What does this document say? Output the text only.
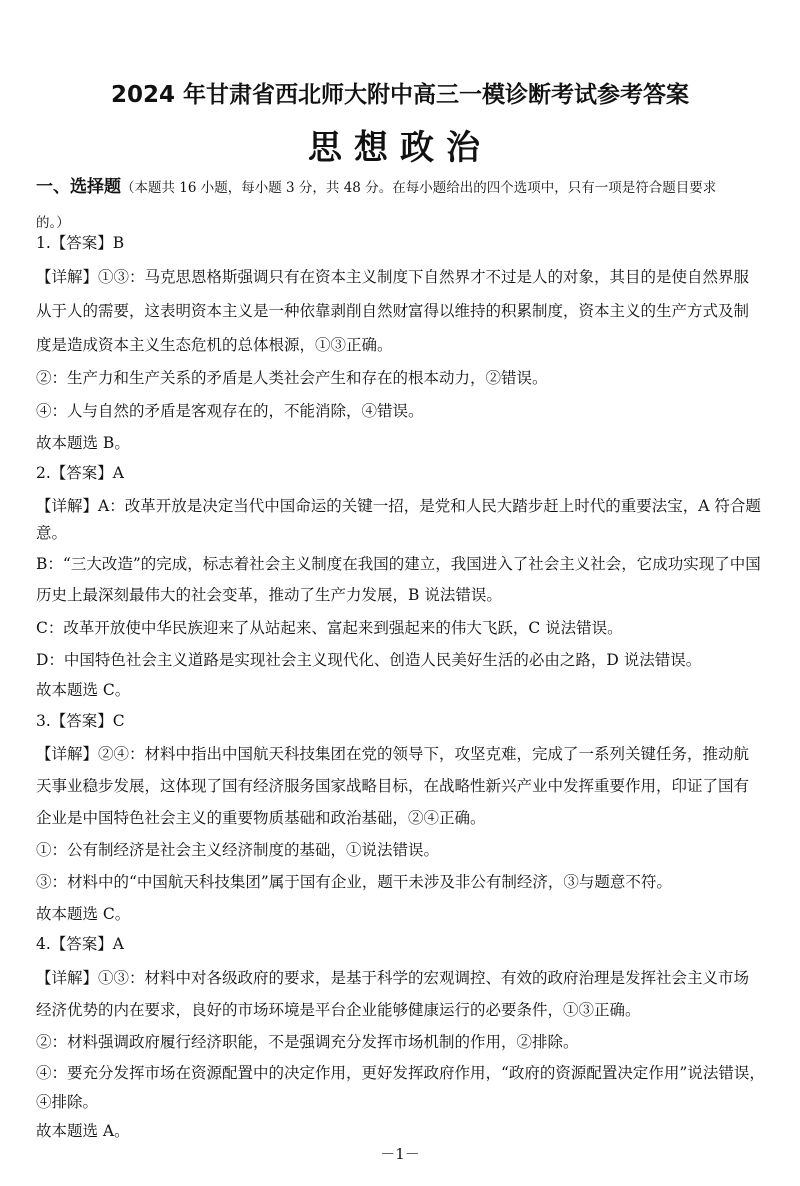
2024 年甘肃省西北师大附中高三一模诊断考试参考答案
思想政治
一、选择题（本题共 16 小题，每小题 3 分，共 48 分。在每小题给出的四个选项中，只有一项是符合题目要求
的。）
1.【答案】B
【详解】①③：马克思恩格斯强调只有在资本主义制度下自然界才不过是人的对象，其目的是使自然界服
从于人的需要，这表明资本主义是一种依靠剥削自然财富得以维持的积累制度，资本主义的生产方式及制
度是造成资本主义生态危机的总体根源，①③正确。
②：生产力和生产关系的矛盾是人类社会产生和存在的根本动力，②错误。
④：人与自然的矛盾是客观存在的，不能消除，④错误。
故本题选 B。
2.【答案】A
【详解】A：改革开放是决定当代中国命运的关键一招，是党和人民大踏步赶上时代的重要法宝，A 符合题
意。
B：“三大改造”的完成，标志着社会主义制度在我国的建立，我国进入了社会主义社会，它成功实现了中国
历史上最深刻最伟大的社会变革，推动了生产力发展，B 说法错误。
C：改革开放使中华民族迎来了从站起来、富起来到强起来的伟大飞跃，C 说法错误。
D：中国特色社会主义道路是实现社会主义现代化、创造人民美好生活的必由之路，D 说法错误。
故本题选 C。
3.【答案】C
【详解】②④：材料中指出中国航天科技集团在党的领导下，攻坚克难，完成了一系列关键任务，推动航
天事业稳步发展，这体现了国有经济服务国家战略目标，在战略性新兴产业中发挥重要作用，印证了国有
企业是中国特色社会主义的重要物质基础和政治基础，②④正确。
①：公有制经济是社会主义经济制度的基础，①说法错误。
③：材料中的“中国航天科技集团”属于国有企业，题干未涉及非公有制经济，③与题意不符。
故本题选 C。
4.【答案】A
【详解】①③：材料中对各级政府的要求，是基于科学的宏观调控、有效的政府治理是发挥社会主义市场
经济优势的内在要求，良好的市场环境是平台企业能够健康运行的必要条件，①③正确。
②：材料强调政府履行经济职能，不是强调充分发挥市场机制的作用，②排除。
④：要充分发挥市场在资源配置中的决定作用，更好发挥政府作用，“政府的资源配置决定作用”说法错误，
④排除。
故本题选 A。
－1－
